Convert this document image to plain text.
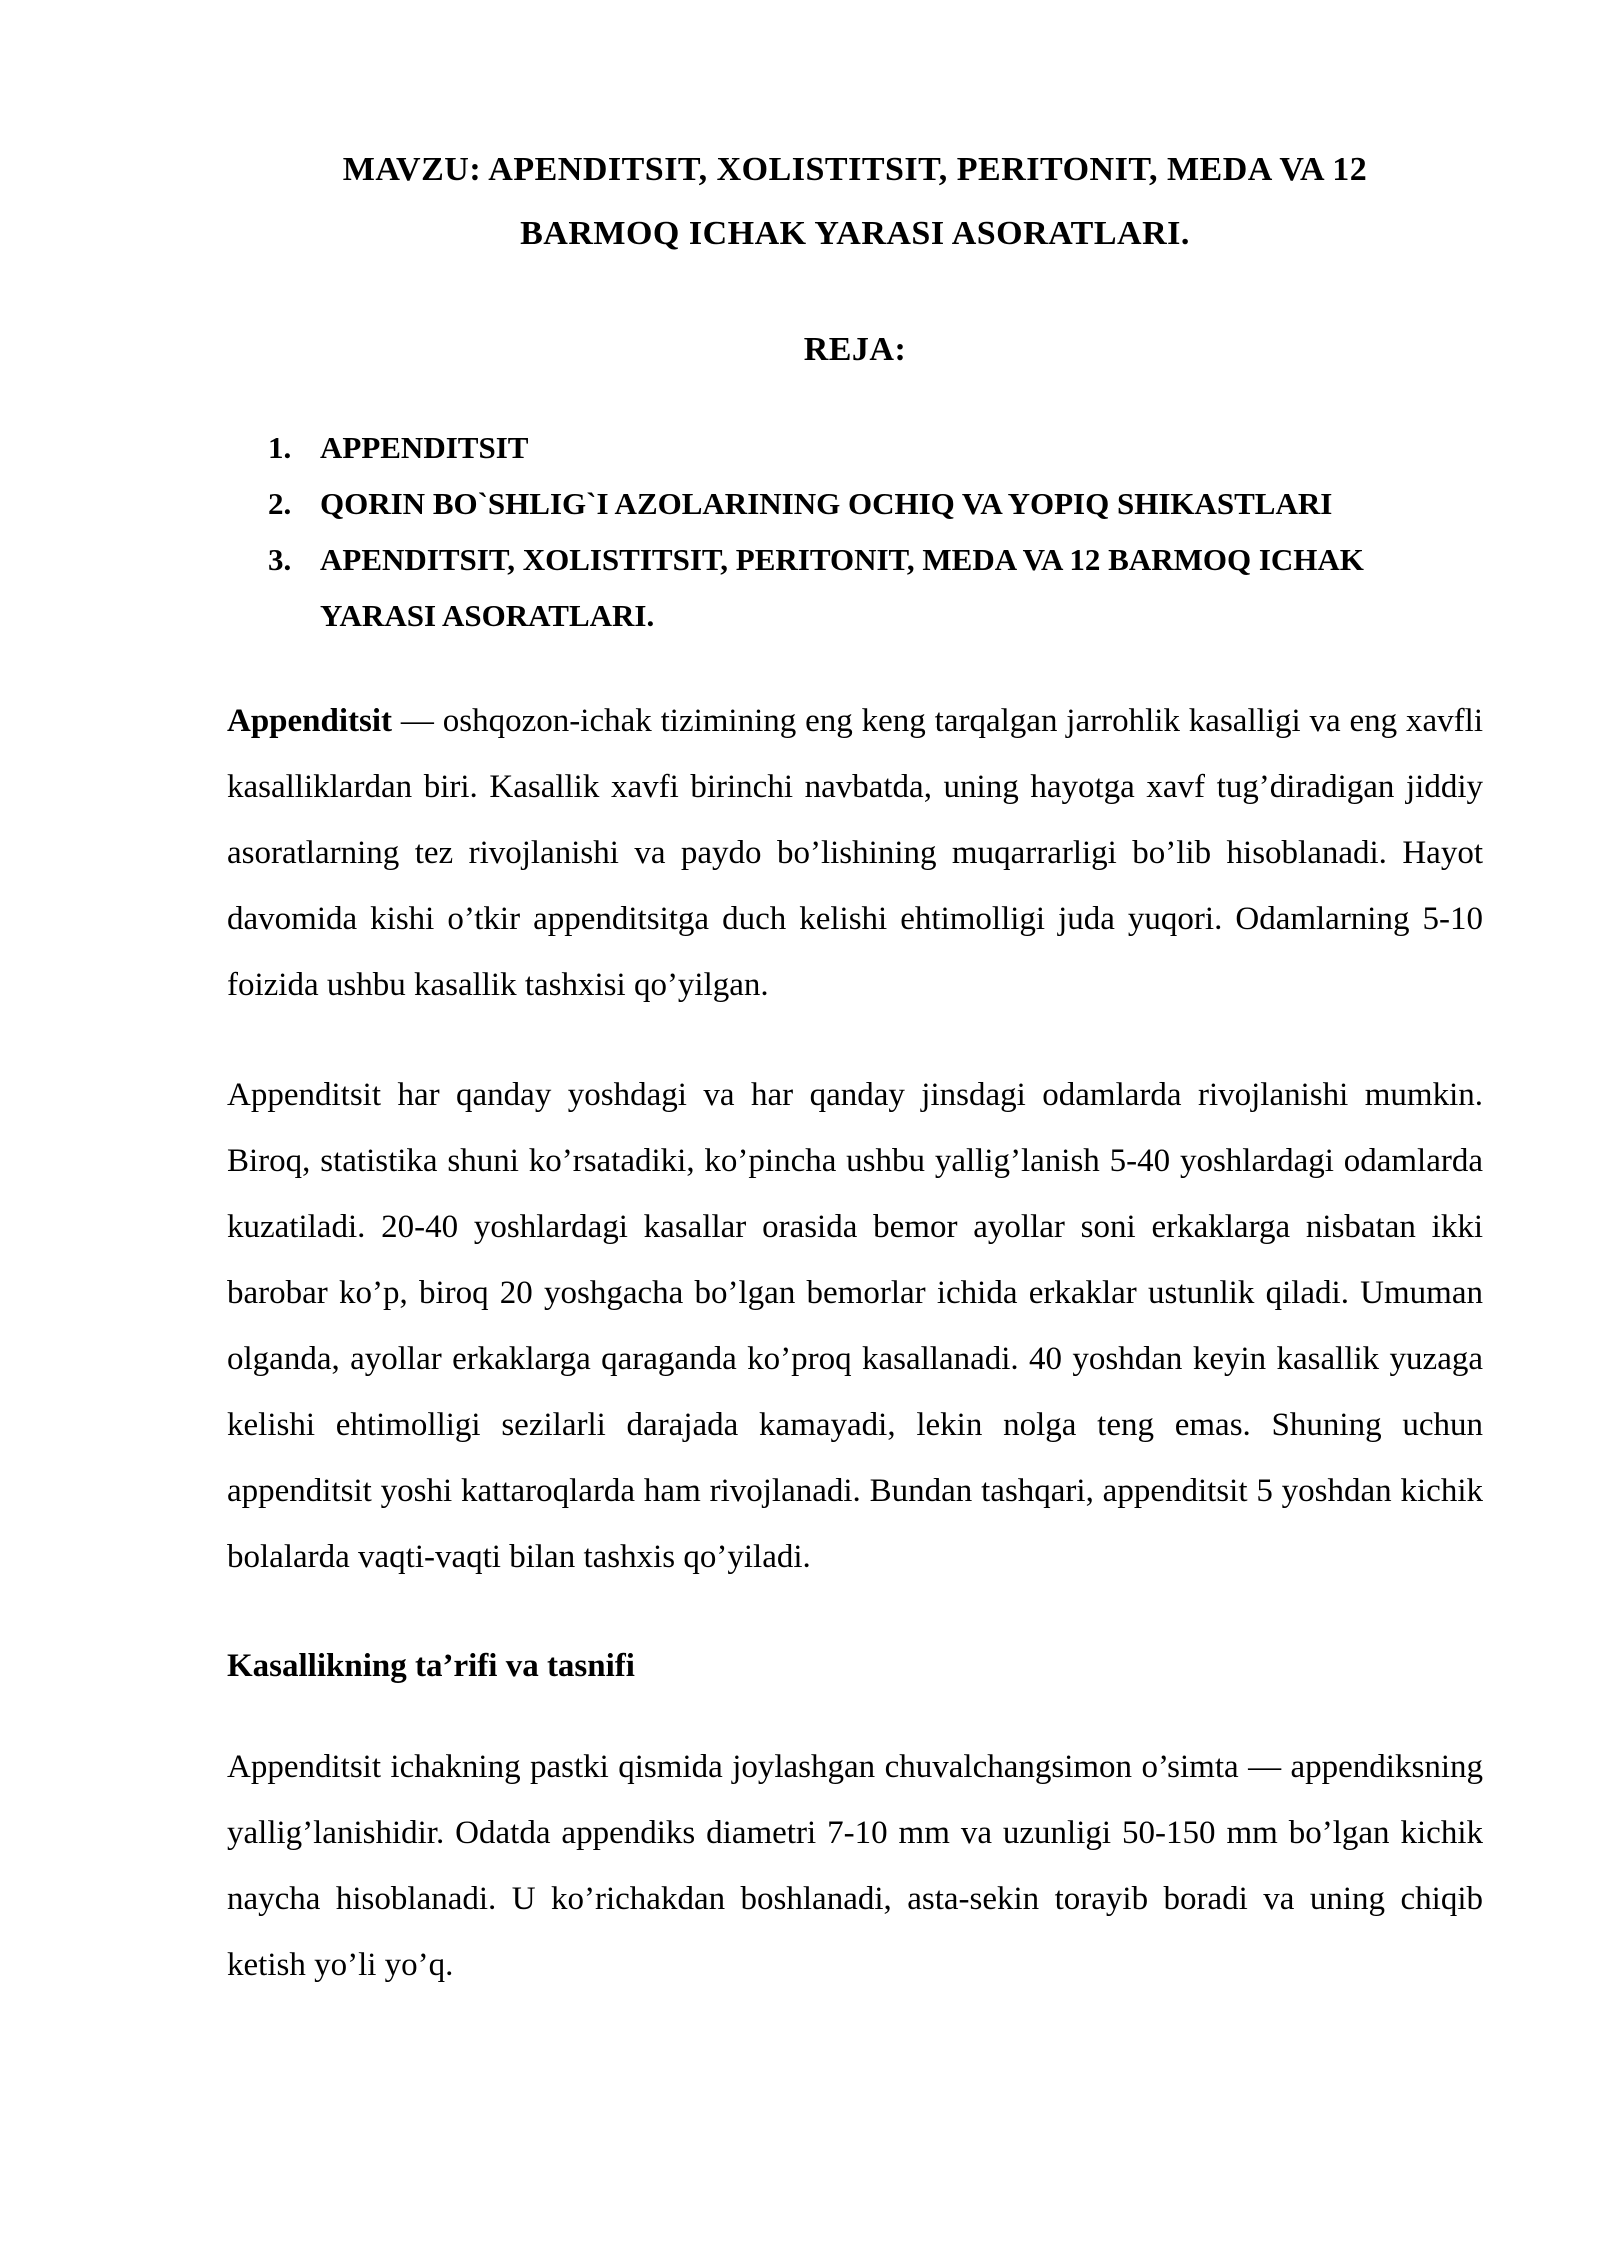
MAVZU: APENDITSIT, XOLISTITSIT, PERITONIT, MEDA VA 12
BARMOQ ICHAK YARASI ASORATLARI.
REJA:
1. APPENDITSIT
2. QORIN BO`SHLIG`I AZOLARINING OCHIQ VA YOPIQ SHIKASTLARI
3. APENDITSIT, XOLISTITSIT, PERITONIT, MEDA VA 12 BARMOQ ICHAK YARASI ASORATLARI.

Appenditsit — oshqozon-ichak tizimining eng keng tarqalgan jarrohlik kasalligi va eng xavfli kasalliklardan biri. Kasallik xavfi birinchi navbatda, uning hayotga xavf tug’diradigan jiddiy asoratlarning tez rivojlanishi va paydo bo’lishining muqarrarligi bo’lib hisoblanadi. Hayot davomida kishi o’tkir appenditsitga duch kelishi ehtimolligi juda yuqori. Odamlarning 5-10 foizida ushbu kasallik tashxisi qo’yilgan.

Appenditsit har qanday yoshdagi va har qanday jinsdagi odamlarda rivojlanishi mumkin. Biroq, statistika shuni ko’rsatadiki, ko’pincha ushbu yallig’lanish 5-40 yoshlardagi odamlarda kuzatiladi. 20-40 yoshlardagi kasallar orasida bemor ayollar soni erkaklarga nisbatan ikki barobar ko’p, biroq 20 yoshgacha bo’lgan bemorlar ichida erkaklar ustunlik qiladi. Umuman olganda, ayollar erkaklarga qaraganda ko’proq kasallanadi. 40 yoshdan keyin kasallik yuzaga kelishi ehtimolligi sezilarli darajada kamayadi, lekin nolga teng emas. Shuning uchun appenditsit yoshi kattaroqlarda ham rivojlanadi. Bundan tashqari, appenditsit 5 yoshdan kichik bolalarda vaqti-vaqti bilan tashxis qo’yiladi.

Kasallikning ta’rifi va tasnifi

Appenditsit ichakning pastki qismida joylashgan chuvalchangsimon o’simta — appendiksning yallig’lanishidir. Odatda appendiks diametri 7-10 mm va uzunligi 50-150 mm bo’lgan kichik naycha hisoblanadi. U ko’richakdan boshlanadi, asta-sekin torayib boradi va uning chiqib ketish yo’li yo’q.
